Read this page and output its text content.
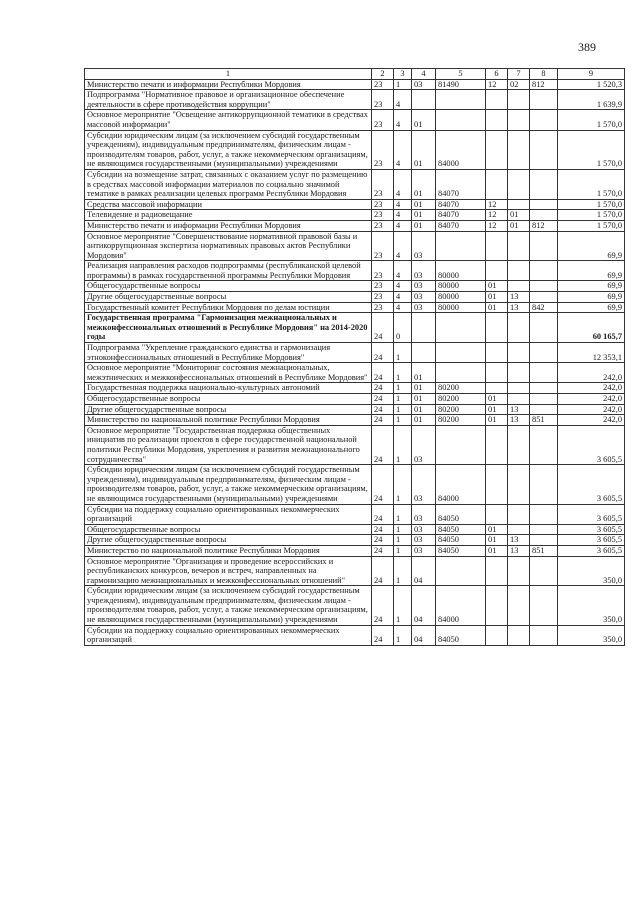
389
1	2	3	4	5	6	7	8	9
Министерство печати и информации Республики Мордовия	23	1	03	81490	12	02	812	1 520,3
Подпрограмма "Нормативное правовое и организационное обеспечение деятельности в сфере противодействия коррупции"	23	4						1 639,9
Основное мероприятие "Освещение антикоррупционной тематики в средствах массовой информации"	23	4	01					1 570,0
Субсидии юридическим лицам (за исключением субсидий государственным учреждениям), индивидуальным предпринимателям, физическим лицам - производителям товаров, работ, услуг, а также некоммерческим организациям, не являющимся государственными (муниципальными) учреждениями	23	4	01	84000				1 570,0
Субсидии на возмещение затрат, связанных с оказанием услуг по размещению в средствах массовой информации материалов по социально значимой тематике в рамках реализации целевых программ Республики Мордовия	23	4	01	84070				1 570,0
Средства массовой информации	23	4	01	84070	12			1 570,0
Телевидение и радиовещание	23	4	01	84070	12	01		1 570,0
Министерство печати и информации Республики Мордовия	23	4	01	84070	12	01	812	1 570,0
Основное мероприятие "Совершенствование нормативной правовой базы и антикоррупционная экспертиза нормативных правовых актов Республики Мордовия"	23	4	03					69,9
Реализация направления расходов подпрограммы (республиканской целевой программы) в рамках государственной программы Республики Мордовия	23	4	03	80000				69,9
Общегосударственные вопросы	23	4	03	80000	01			69,9
Другие общегосударственные вопросы	23	4	03	80000	01	13		69,9
Государственный комитет Республики Мордовия по делам юстиции	23	4	03	80000	01	13	842	69,9
Государственная программа "Гармонизация межнациональных и межконфессиональных отношений в Республике Мордовия" на 2014-2020 годы	24	0						60 165,7
Подпрограмма "Укрепление гражданского единства и гармонизация этноконфессиональных отношений в Республике Мордовия"	24	1						12 353,1
Основное мероприятие "Мониторинг состояния межнациональных, межэтнических и межконфессиональных отношений в Республике Мордовия"	24	1	01					242,0
Государственная поддержка национально-культурных автономий	24	1	01	80200				242,0
Общегосударственные вопросы	24	1	01	80200	01			242,0
Другие общегосударственные вопросы	24	1	01	80200	01	13		242,0
Министерство по национальной политике Республики Мордовия	24	1	01	80200	01	13	851	242,0
Основное мероприятие "Государственная поддержка общественных инициатив по реализации проектов в сфере государственной национальной политики Республики Мордовия, укрепления и развития межнационального сотрудничества"	24	1	03					3 605,5
Субсидии юридическим лицам (за исключением субсидий государственным учреждениям), индивидуальным предпринимателям, физическим лицам - производителям товаров, работ, услуг, а также некоммерческим организациям, не являющимся государственными (муниципальными) учреждениями	24	1	03	84000				3 605,5
Субсидии на поддержку социально ориентированных некоммерческих организаций	24	1	03	84050				3 605,5
Общегосударственные вопросы	24	1	03	84050	01			3 605,5
Другие общегосударственные вопросы	24	1	03	84050	01	13		3 605,5
Министерство по национальной политике Республики Мордовия	24	1	03	84050	01	13	851	3 605,5
Основное мероприятие "Организация и проведение всероссийских и республиканских конкурсов, вечеров и встреч, направленных на гармонизацию межнациональных и межконфессиональных отношений"	24	1	04					350,0
Субсидии юридическим лицам (за исключением субсидий государственным учреждениям), индивидуальным предпринимателям, физическим лицам - производителям товаров, работ, услуг, а также некоммерческим организациям, не являющимся государственными (муниципальными) учреждениями	24	1	04	84000				350,0
Субсидии на поддержку социально ориентированных некоммерческих организаций	24	1	04	84050				350,0
